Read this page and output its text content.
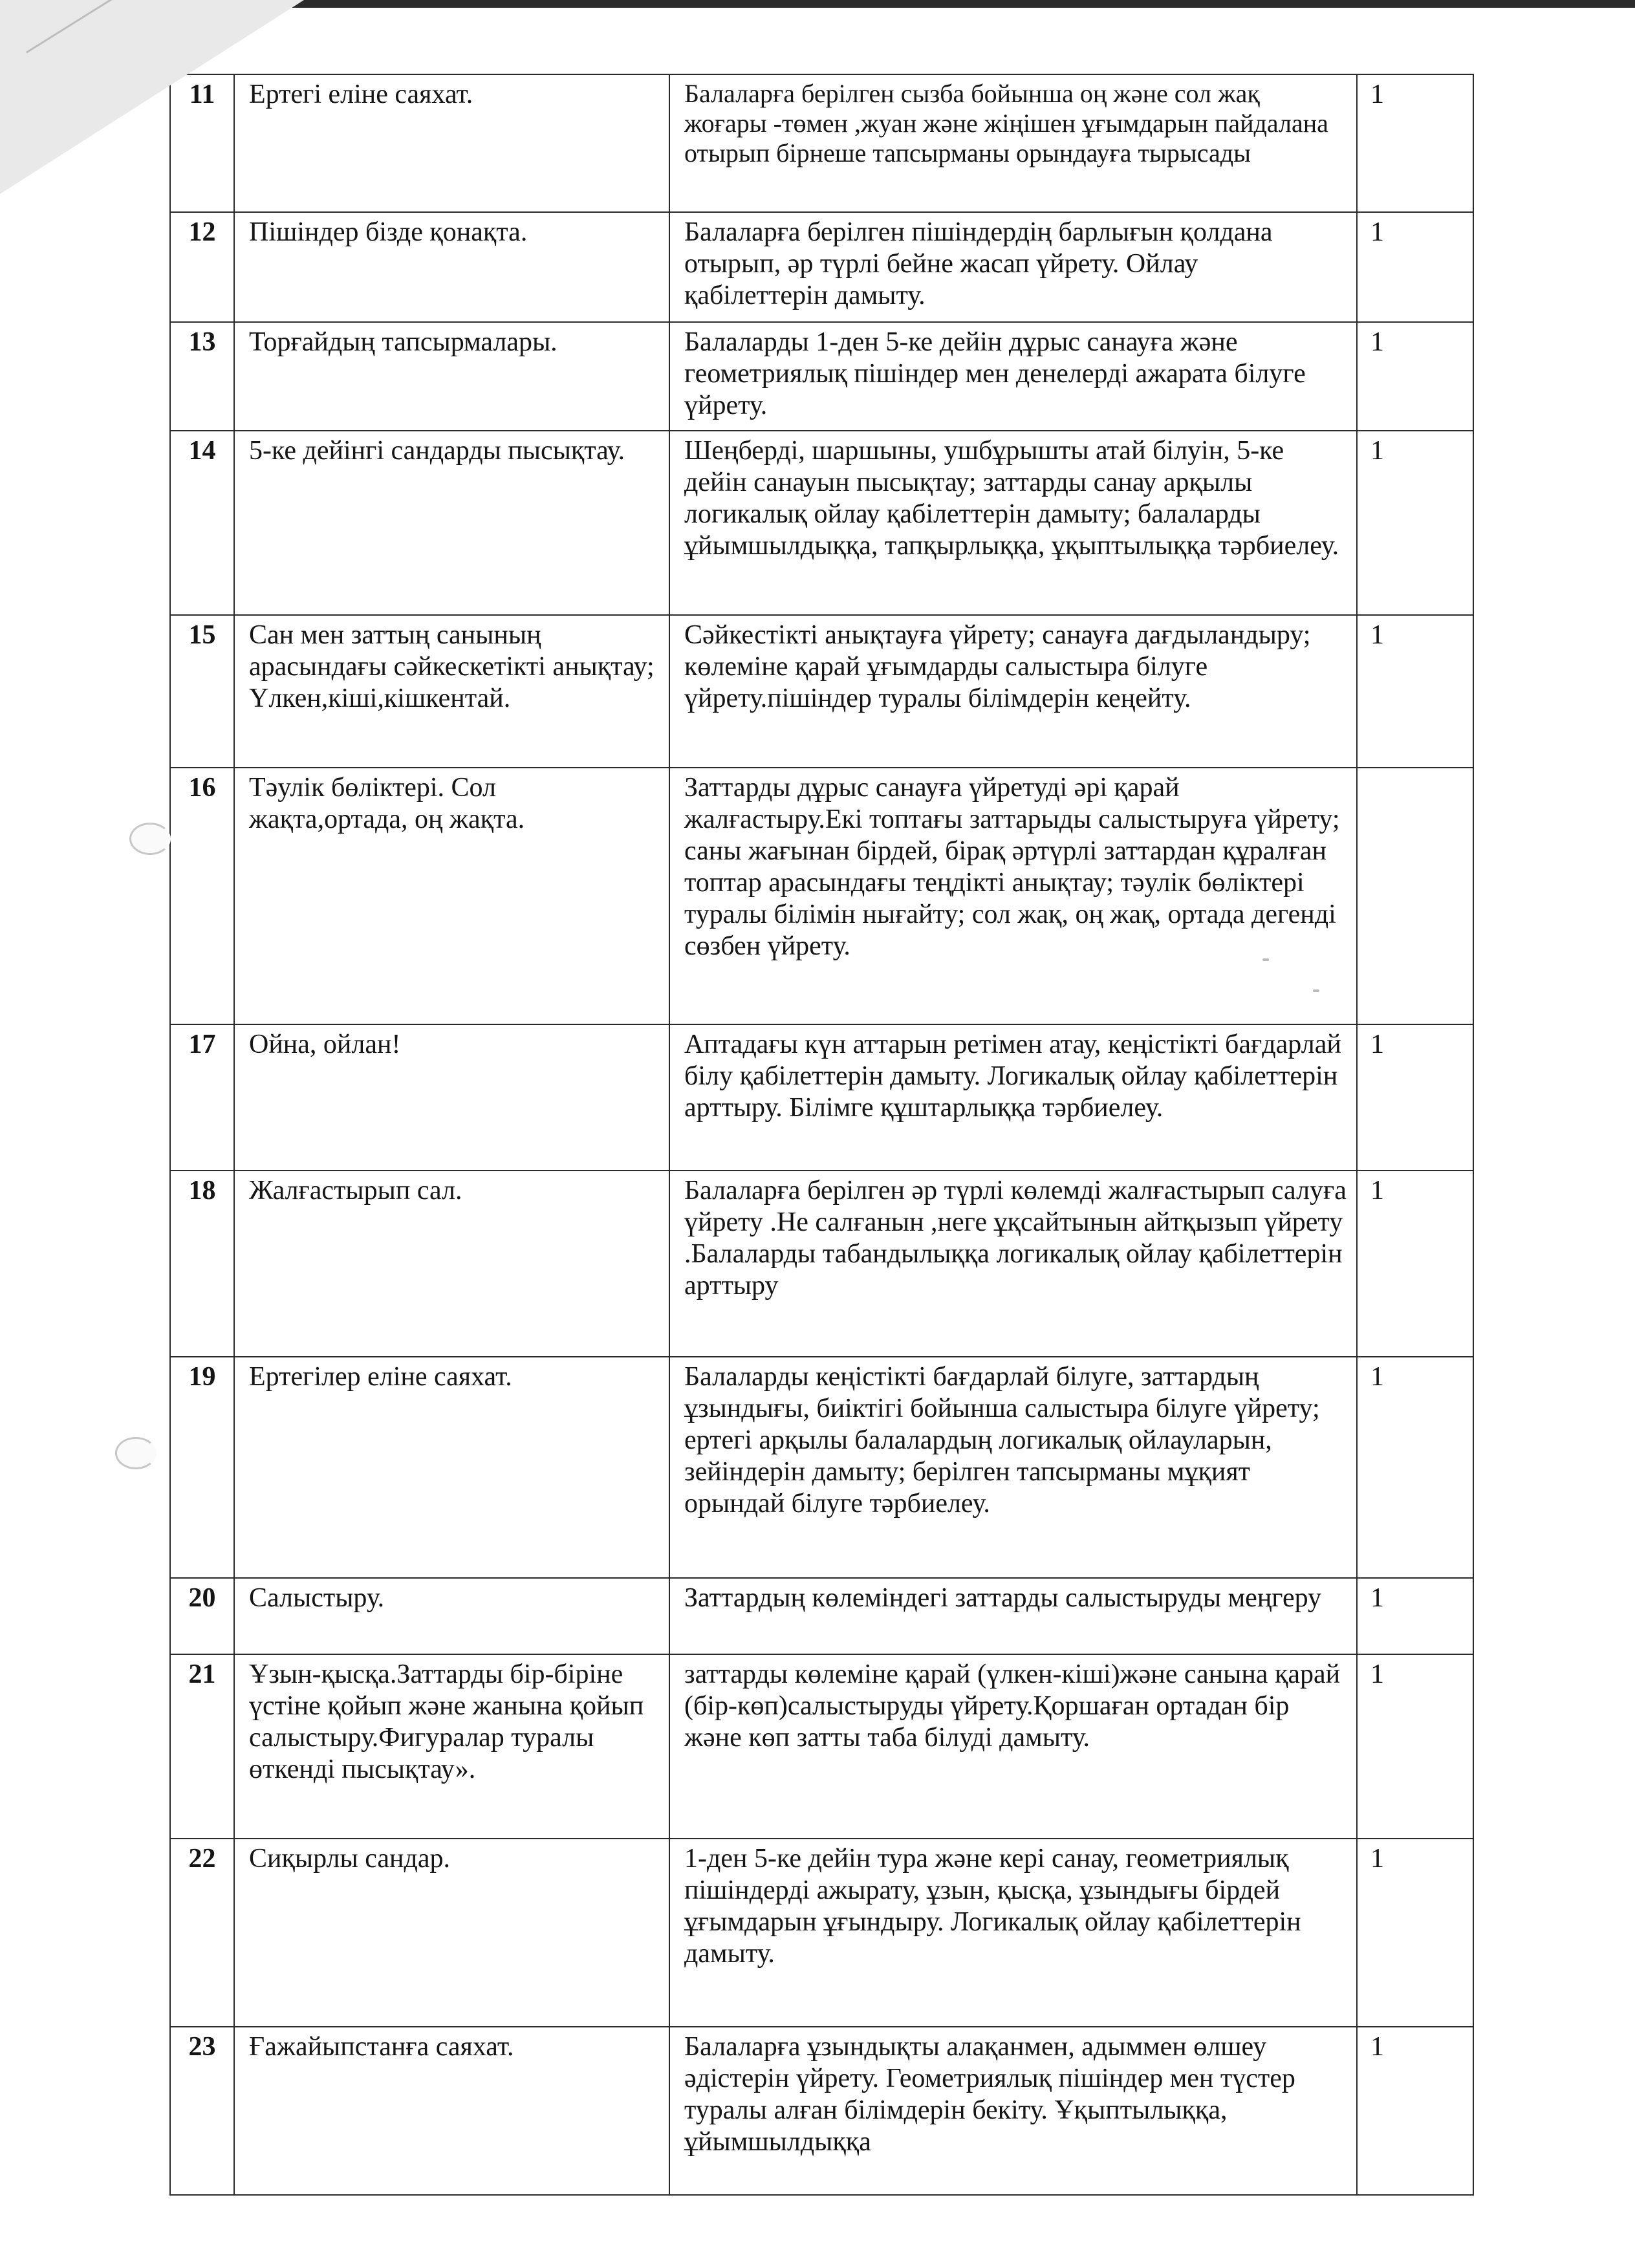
11	Ертегі еліне саяхат.	Балаларға берілген сызба бойынша оң және сол жақ жоғары -төмен ,жуан және жіңішен ұғымдарын пайдалана отырып бірнеше тапсырманы орындауға тырысады	1
12	Пішіндер бізде қонақта.	Балаларға берілген пішіндердің барлығын қолдана отырып, әр түрлі бейне жасап үйрету. Ойлау қабілеттерін дамыту.	1
13	Торғайдың тапсырмалары.	Балаларды 1-ден 5-ке дейін дұрыс санауға және геометриялық пішіндер мен денелерді ажарата білуге үйрету.	1
14	5-ке дейінгі сандарды пысықтау.	Шеңберді, шаршыны, ушбұрышты атай білуін, 5-ке дейін санауын пысықтау; заттарды санау арқылы логикалық ойлау қабілеттерін дамыту; балаларды ұйымшылдыққа, тапқырлыққа, ұқыптылыққа тәрбиелеу.	1
15	Сан мен заттың санының арасындағы сәйкескетікті анықтау; Үлкен,кіші,кішкентай.	Сәйкестікті анықтауға үйрету; санауға дағдыландыру; көлеміне қарай ұғымдарды салыстыра білуге үйрету.пішіндер туралы білімдерін кеңейту.	1
16	Тәулік бөліктері. Сол жақта,ортада, оң жақта.	Заттарды дұрыс санауға үйретуді әрі қарай жалғастыру.Екі топтағы заттарыды салыстыруға үйрету; саны жағынан бірдей, бірақ әртүрлі заттардан құралған топтар арасындағы теңдікті анықтау; тәулік бөліктері туралы білімін нығайту; сол жақ, оң жақ, ортада дегенді сөзбен үйрету.	
17	Ойна, ойлан!	Аптадағы күн аттарын ретімен атау, кеңістікті бағдарлай білу қабілеттерін дамыту. Логикалық ойлау қабілеттерін арттыру. Білімге құштарлыққа тәрбиелеу.	1
18	Жалғастырып сал.	Балаларға берілген әр түрлі көлемді жалғастырып салуға үйрету .Не салғанын ,неге ұқсайтынын айтқызып үйрету .Балаларды табандылыққа логикалық ойлау қабілеттерін арттыру	1
19	Ертегілер еліне саяхат.	Балаларды кеңістікті бағдарлай білуге, заттардың ұзындығы, биіктігі бойынша салыстыра білуге үйрету; ертегі арқылы балалардың логикалық ойлауларын, зейіндерін дамыту; берілген тапсырманы мұқият орындай білуге тәрбиелеу.	1
20	Салыстыру.	Заттардың көлеміндегі заттарды салыстыруды меңгеру	1
21	Ұзын-қысқа.Заттарды бір-біріне үстіне қойып және жанына қойып салыстыру.Фигуралар туралы өткенді пысықтау».	заттарды көлеміне қарай (үлкен-кіші)және санына қарай (бір-көп)салыстыруды үйрету.Қоршаған ортадан бір және көп затты таба білуді дамыту.	1
22	Сиқырлы сандар.	1-ден 5-ке дейін тура және кері санау, геометриялық пішіндерді ажырату, ұзын, қысқа, ұзындығы бірдей ұғымдарын ұғындыру. Логикалық ойлау қабілеттерін дамыту.	1
23	Ғажайыпстанға саяхат.	Балаларға ұзындықты алақанмен, адыммен өлшеу әдістерін үйрету. Геометриялық пішіндер мен түстер туралы алған білімдерін бекіту. Ұқыптылыққа, ұйымшылдыққа	1
